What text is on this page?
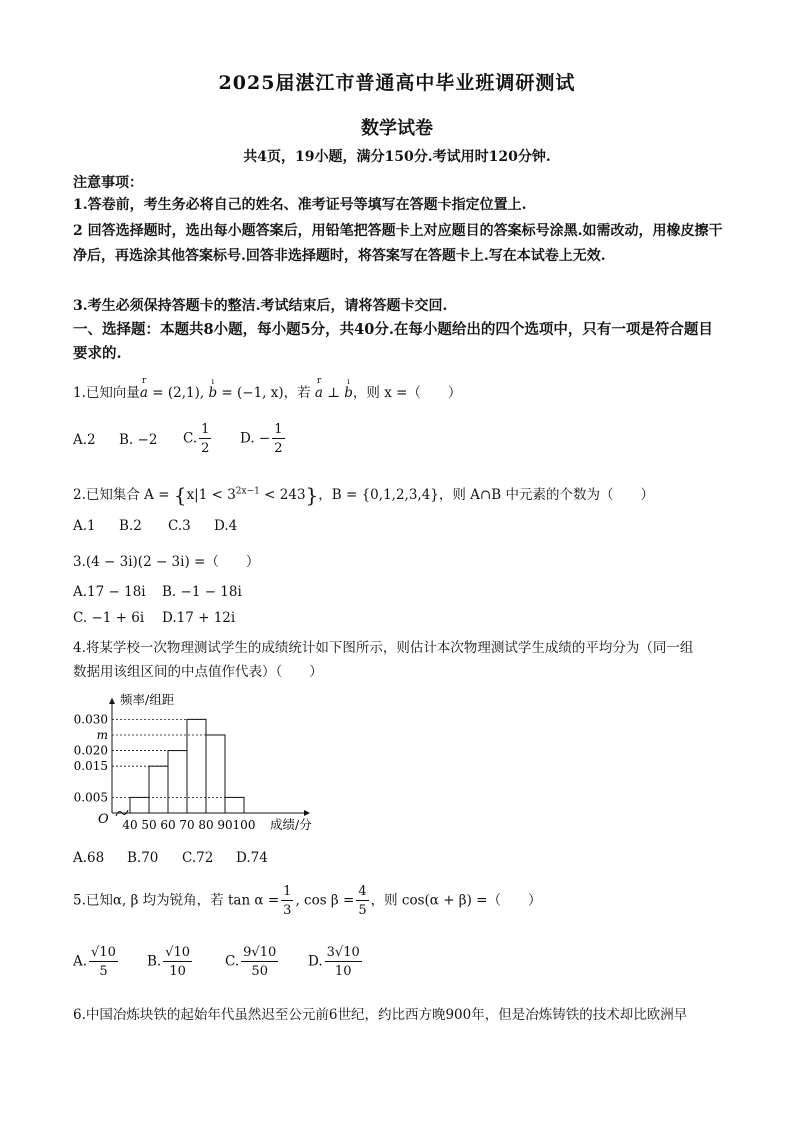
2025届湛江市普通高中毕业班调研测试
数学试卷
共4页，19小题，满分150分.考试用时120分钟.
注意事项：
1.答卷前，考生务必将自己的姓名、准考证号等填写在答题卡指定位置上.
2 回答选择题时，选出每小题答案后，用铅笔把答题卡上对应题目的答案标号涂黑.如需改动，用橡皮擦干净后，再选涂其他答案标号.回答非选择题时，将答案写在答题卡上.写在本试卷上无效.
3.考生必须保持答题卡的整洁.考试结束后，请将答题卡交回.
一、选择题：本题共8小题，每小题5分，共40分.在每小题给出的四个选项中，只有一项是符合题目要求的.
1.已知向量r a = (2,1), ı b = (−1, x)，若 r a ⊥ ı b，则 x =（　　）
A.2 B. −2 C. $\frac{1}{2} D$. − $\frac{1}{2}$
2.已知集合 $A = \{x|1 < 3^{2x-1} < 243\}$，B = {0,1,2,3,4}，则 A∩B 中元素的个数为（　　）
A.1 B.2 C.3 D.4
3.(4 − 3i)(2 − 3i) =（　　）
A.17 − 18i B. −1 − 18i
C. −1 + 6i D.17 + 12i
4.将某学校一次物理测试学生的成绩统计如下图所示，则估计本次物理测试学生成绩的平均分为（同一组
数据用该组区间的中点值作代表）（　　）
0.005
0.015
0.020
m
0.030
40 50 60 70 80 90 100
O
频率/组距
成绩/分
A.68 B.70 C.72 D.74
5.已知α, β 均为锐角，若 $\tan \alpha = \frac{1}{3}$ , $\cos \beta = \frac{4}{5}$ ，则 cos(α + β) =（　　）
A. $\frac{√10}{5} B$. $\frac{√10}{10} C$. $\frac{9√10}{50} D$. $\frac{3√10}{10}$
6.中国冶炼块铁的起始年代虽然迟至公元前6世纪，约比西方晚900年，但是冶炼铸铁的技术却比欧洲早
